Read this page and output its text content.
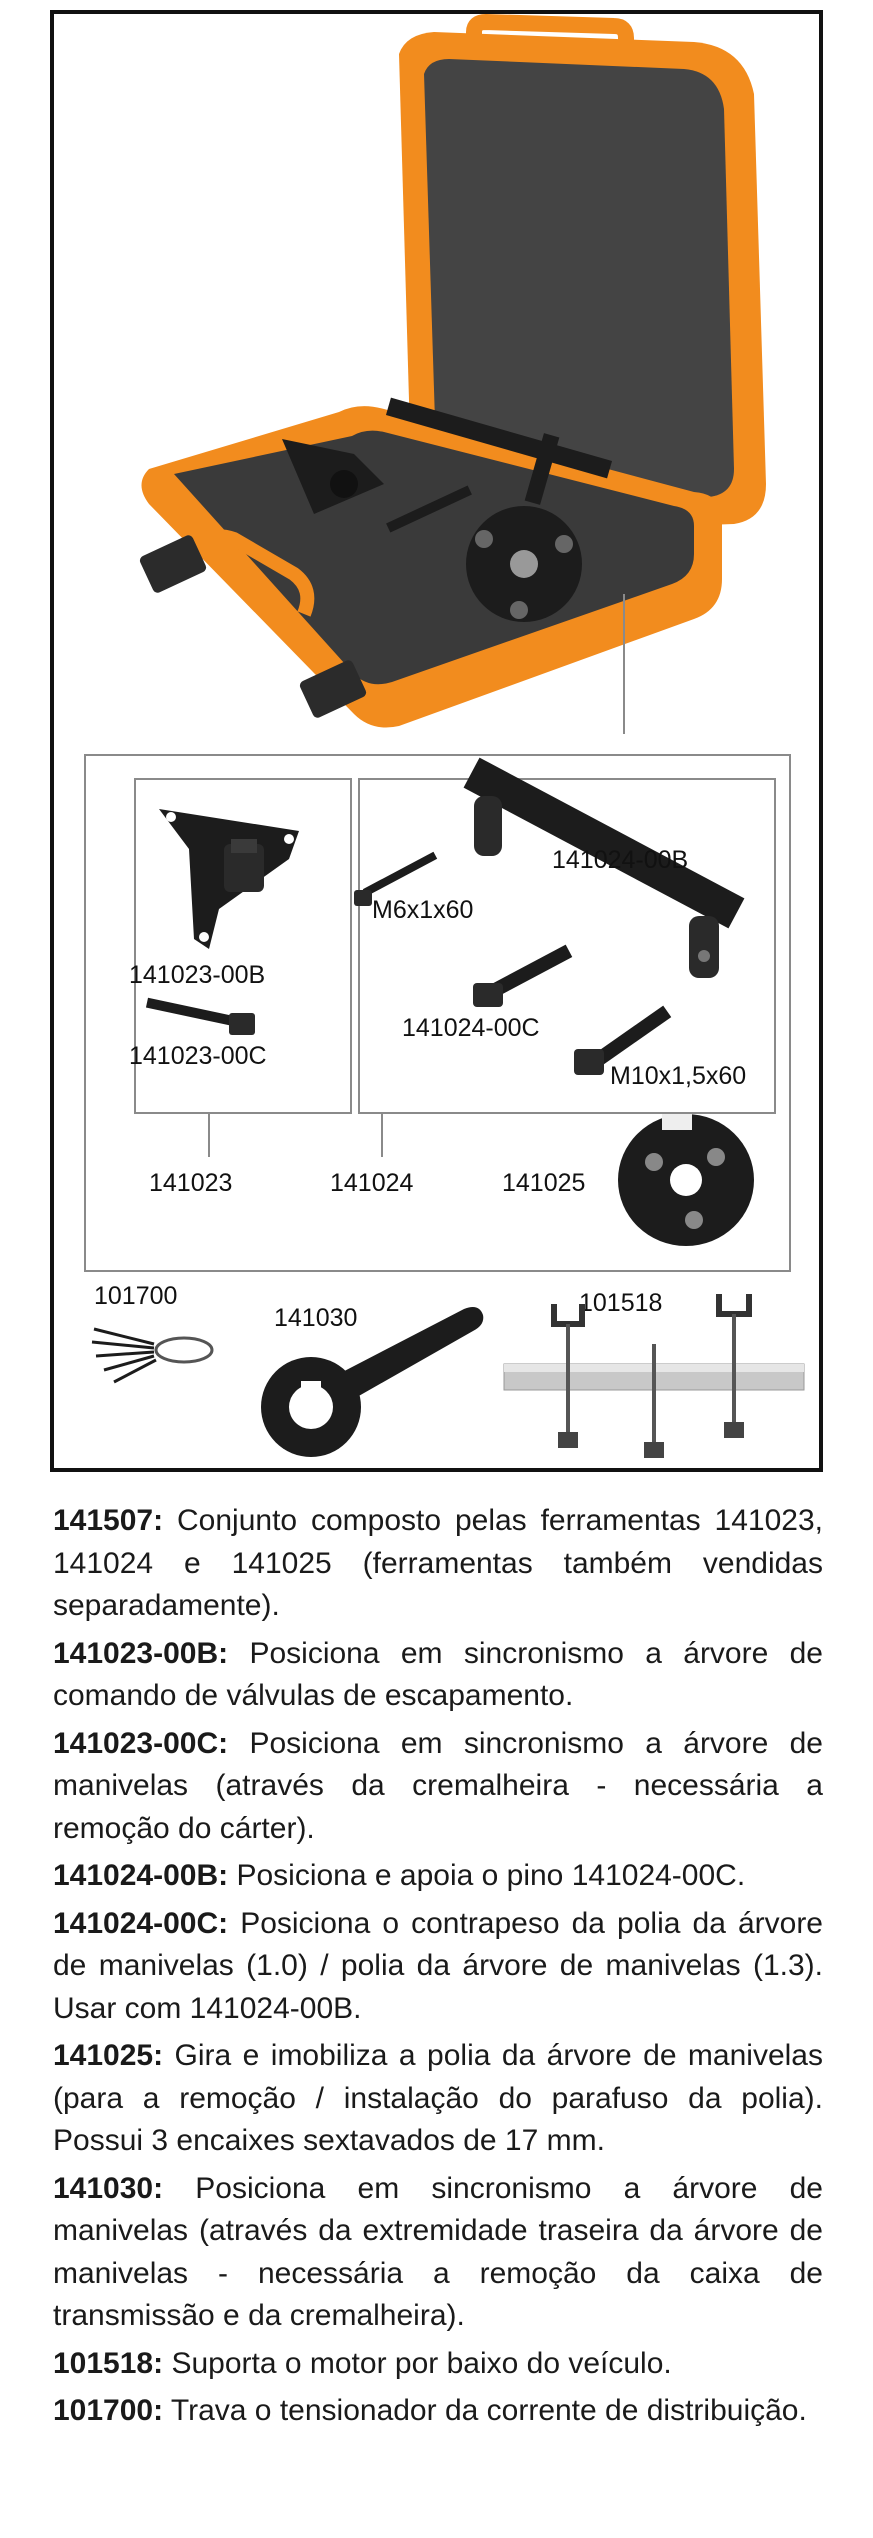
141023-00B
141023-00C
141024-00B
M6x1x60
141024-00C
M10x1,5x60
141023	141024	141025
101700
141030
101518

141507: Conjunto composto pelas ferramentas 141023, 141024 e 141025 (ferramentas também vendidas separadamente).

141023-00B: Posiciona em sincronismo a árvore de comando de válvulas de escapamento.

141023-00C: Posiciona em sincronismo a árvore de manivelas (através da cremalheira - necessária a remoção do cárter).

141024-00B: Posiciona e apoia o pino 141024-00C.

141024-00C: Posiciona o contrapeso da polia da árvore de manivelas (1.0) / polia da árvore de manivelas (1.3). Usar com 141024-00B.

141025: Gira e imobiliza a polia da árvore de manivelas (para a remoção / instalação do parafuso da polia). Possui 3 encaixes sextavados de 17 mm.

141030: Posiciona em sincronismo a árvore de manivelas (através da extremidade traseira da árvore de manivelas - necessária a remoção da caixa de transmissão e da cremalheira).

101518: Suporta o motor por baixo do veículo.

101700: Trava o tensionador da corrente de distribuição.
